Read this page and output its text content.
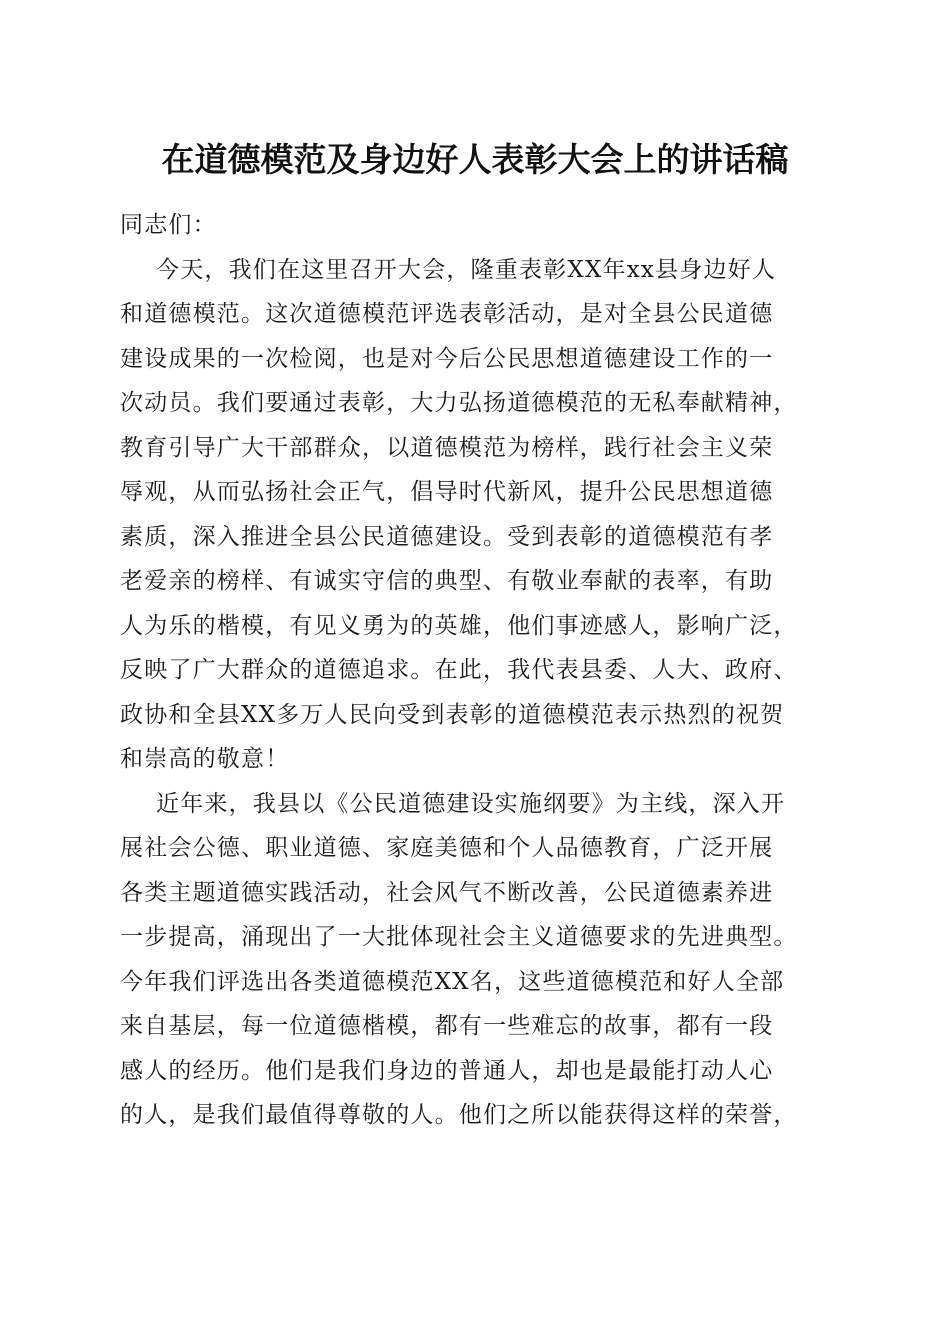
在道德模范及身边好人表彰大会上的讲话稿
同志们：
今天，我们在这里召开大会，隆重表彰XX年xx县身边好人
和道德模范。这次道德模范评选表彰活动，是对全县公民道德
建设成果的一次检阅，也是对今后公民思想道德建设工作的一
次动员。我们要通过表彰，大力弘扬道德模范的无私奉献精神，
教育引导广大干部群众，以道德模范为榜样，践行社会主义荣
辱观，从而弘扬社会正气，倡导时代新风，提升公民思想道德
素质，深入推进全县公民道德建设。受到表彰的道德模范有孝
老爱亲的榜样、有诚实守信的典型、有敬业奉献的表率，有助
人为乐的楷模，有见义勇为的英雄，他们事迹感人，影响广泛，
反映了广大群众的道德追求。在此，我代表县委、人大、政府、
政协和全县XX多万人民向受到表彰的道德模范表示热烈的祝贺
和崇高的敬意！
近年来，我县以《公民道德建设实施纲要》为主线，深入开
展社会公德、职业道德、家庭美德和个人品德教育，广泛开展
各类主题道德实践活动，社会风气不断改善，公民道德素养进
一步提高，涌现出了一大批体现社会主义道德要求的先进典型。
今年我们评选出各类道德模范XX名，这些道德模范和好人全部
来自基层，每一位道德楷模，都有一些难忘的故事，都有一段
感人的经历。他们是我们身边的普通人，却也是最能打动人心
的人，是我们最值得尊敬的人。他们之所以能获得这样的荣誉，
